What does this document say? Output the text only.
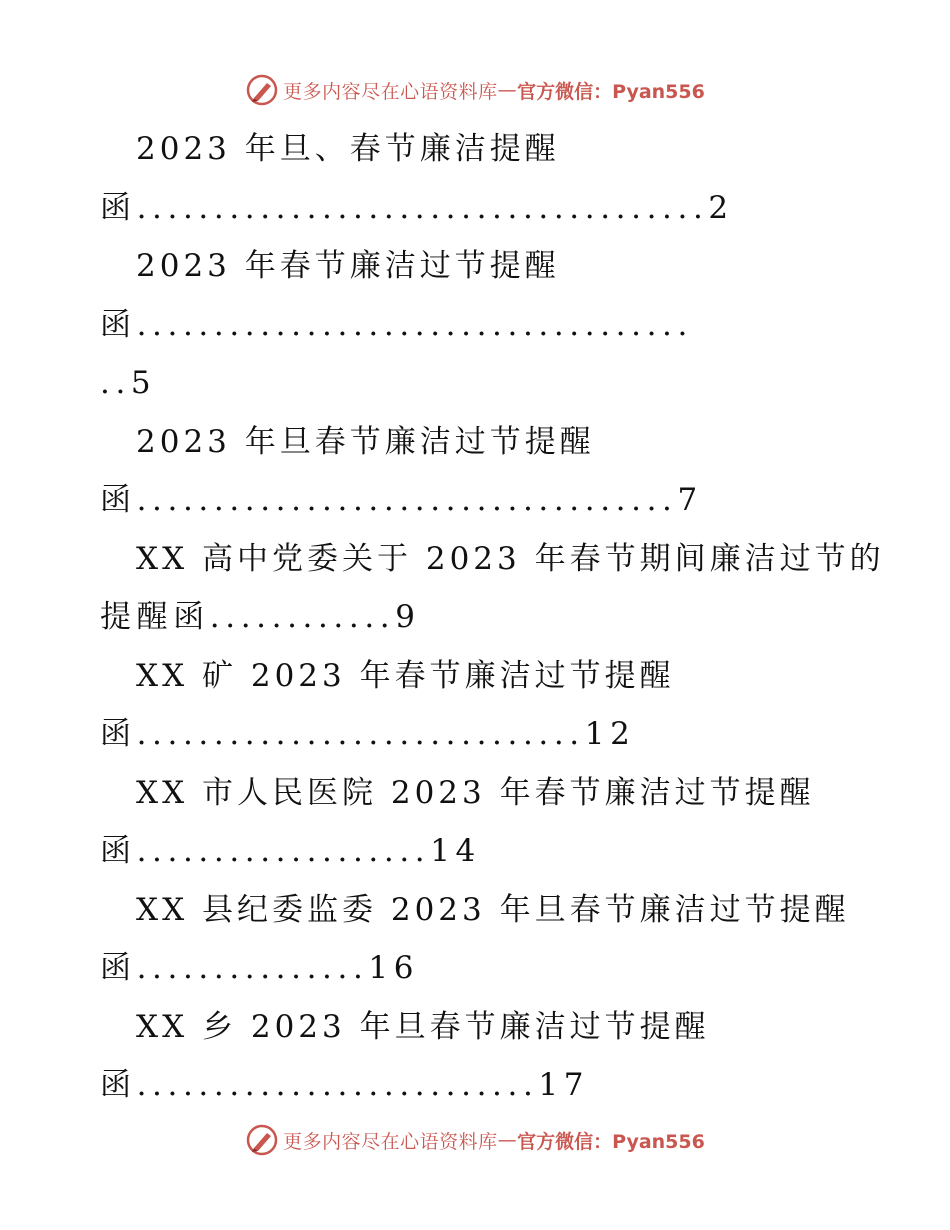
更多内容尽在心语资料库 — 官方微信：Pyan556
2023 年旦、春节廉洁提醒
函.....................................2
2023 年春节廉洁过节提醒
函....................................
..5
2023 年旦春节廉洁过节提醒
函...................................7
XX 高中党委关于 2023 年春节期间廉洁过节的
提醒函............9
XX 矿 2023 年春节廉洁过节提醒
函.............................12
XX 市人民医院 2023 年春节廉洁过节提醒
函...................14
XX 县纪委监委 2023 年旦春节廉洁过节提醒
函...............16
XX 乡 2023 年旦春节廉洁过节提醒
函..........................17
更多内容尽在心语资料库 — 官方微信：Pyan556
